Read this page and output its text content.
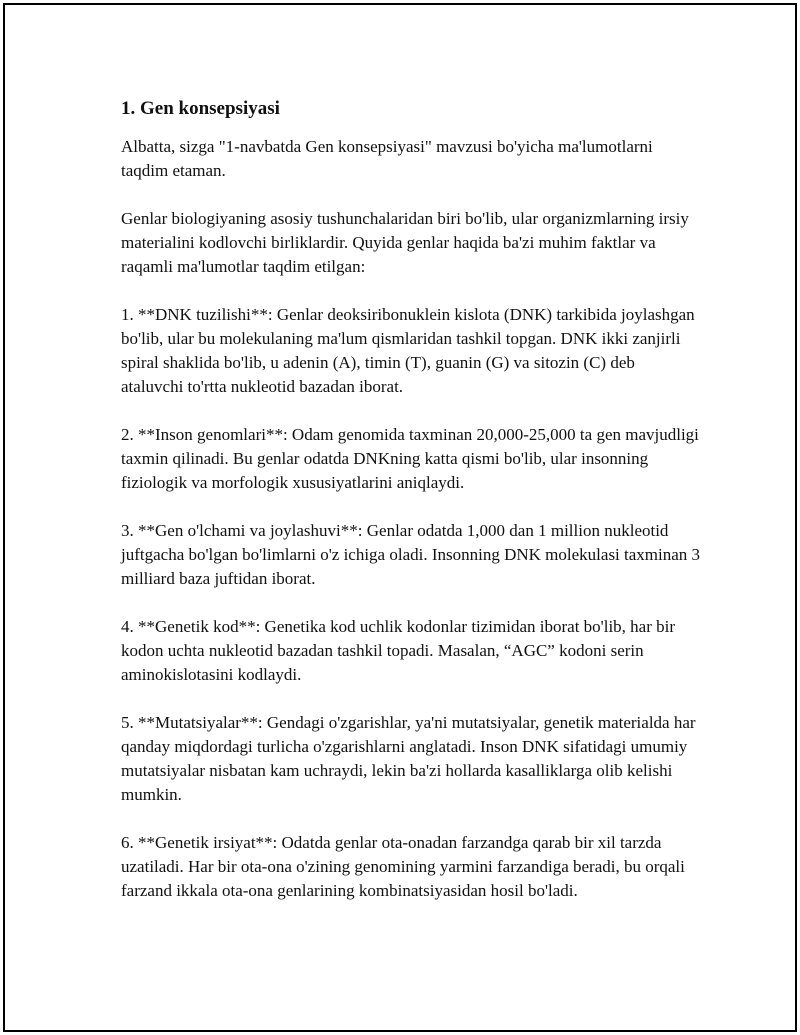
1. Gen konsepsiyasi

Albatta, sizga "1-navbatda Gen konsepsiyasi" mavzusi bo'yicha ma'lumotlarni taqdim etaman.

Genlar biologiyaning asosiy tushunchalaridan biri bo'lib, ular organizmlarning irsiy materialini kodlovchi birliklardir. Quyida genlar haqida ba'zi muhim faktlar va raqamli ma'lumotlar taqdim etilgan:

1. **DNK tuzilishi**: Genlar deoksiribonuklein kislota (DNK) tarkibida joylashgan bo'lib, ular bu molekulaning ma'lum qismlaridan tashkil topgan. DNK ikki zanjirli spiral shaklida bo'lib, u adenin (A), timin (T), guanin (G) va sitozin (C) deb ataluvchi to'rtta nukleotid bazadan iborat.

2. **Inson genomlari**: Odam genomida taxminan 20,000-25,000 ta gen mavjudligi taxmin qilinadi. Bu genlar odatda DNKning katta qismi bo'lib, ular insonning fiziologik va morfologik xususiyatlarini aniqlaydi.

3. **Gen o'lchami va joylashuvi**: Genlar odatda 1,000 dan 1 million nukleotid juftgacha bo'lgan bo'limlarni o'z ichiga oladi. Insonning DNK molekulasi taxminan 3 milliard baza juftidan iborat.

4. **Genetik kod**: Genetika kod uchlik kodonlar tizimidan iborat bo'lib, har bir kodon uchta nukleotid bazadan tashkil topadi. Masalan, “AGC” kodoni serin aminokislotasini kodlaydi.

5. **Mutatsiyalar**: Gendagi o'zgarishlar, ya'ni mutatsiyalar, genetik materialda har qanday miqdordagi turlicha o'zgarishlarni anglatadi. Inson DNK sifatidagi umumiy mutatsiyalar nisbatan kam uchraydi, lekin ba'zi hollarda kasalliklarga olib kelishi mumkin.

6. **Genetik irsiyat**: Odatda genlar ota-onadan farzandga qarab bir xil tarzda uzatiladi. Har bir ota-ona o'zining genomining yarmini farzandiga beradi, bu orqali farzand ikkala ota-ona genlarining kombinatsiyasidan hosil bo'ladi.
